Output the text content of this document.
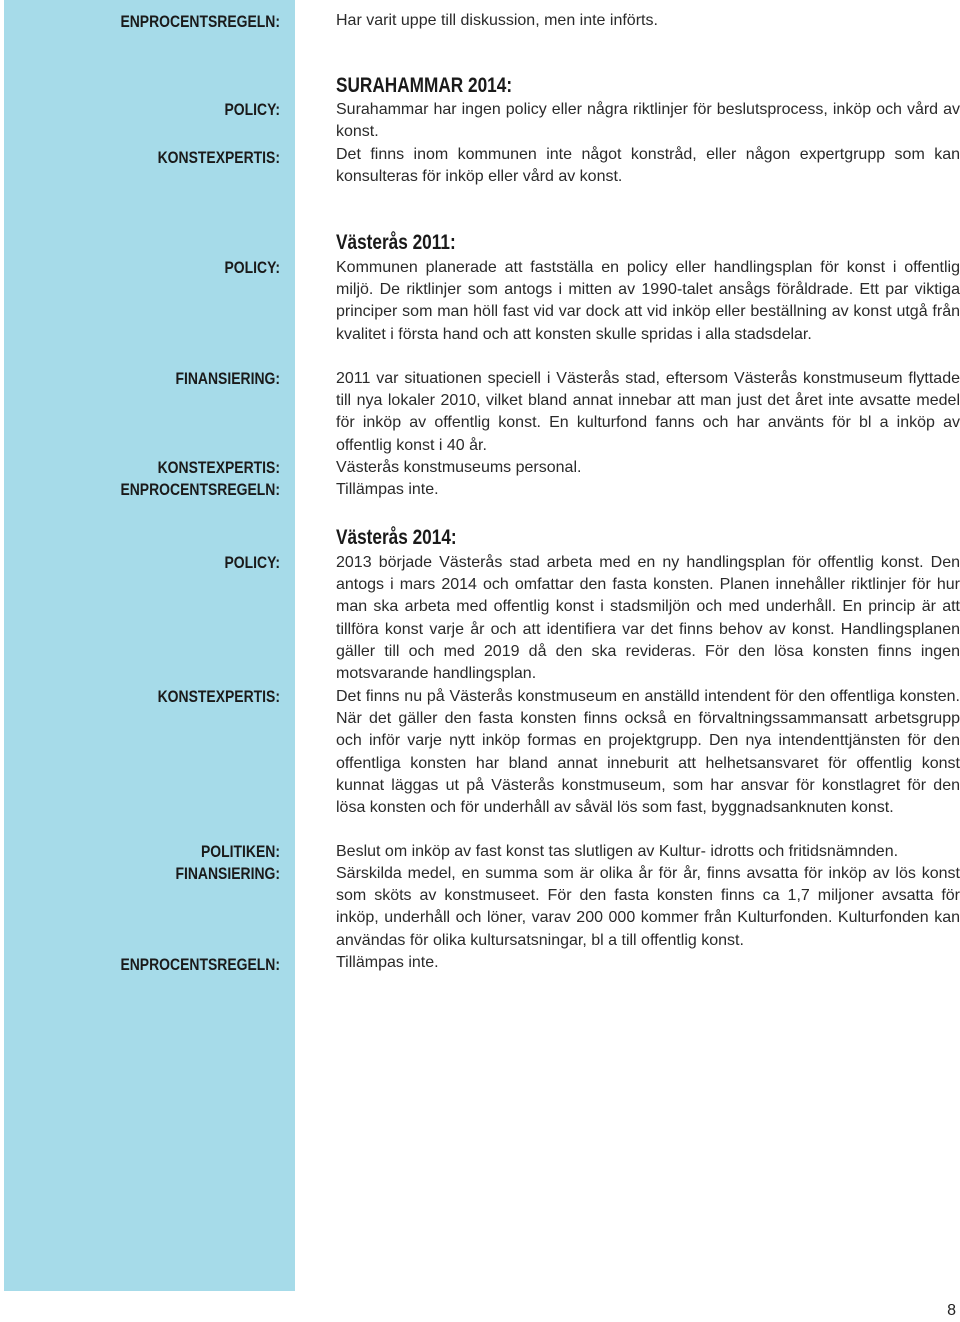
ENPROCENTSREGELN:
POLICY:
KONSTEXPERTIS:
POLICY:
FINANSIERING:
KONSTEXPERTIS:
ENPROCENTSREGELN:
POLICY:
KONSTEXPERTIS:
POLITIKEN:
FINANSIERING:
ENPROCENTSREGELN:
Har varit uppe till diskussion, men inte införts.
SURAHAMMAR 2014:
Surahammar har ingen policy eller några riktlinjer för beslutsprocess, inköp och vård av konst.
Det finns inom kommunen inte något konstråd, eller någon expertgrupp som kan konsulteras för inköp eller vård av konst.
Västerås 2011:
Kommunen planerade att fastställa en policy eller handlingsplan för konst i offentlig miljö. De riktlinjer som antogs i mitten av 1990-talet ansågs föråldrade. Ett par viktiga principer som man höll fast vid var dock att vid inköp eller beställning av konst utgå från kvalitet i första hand och att konsten skulle spridas i alla stadsdelar.
2011 var situationen speciell i Västerås stad, eftersom Västerås konstmuseum flyttade till nya lokaler 2010, vilket bland annat innebar att man just det året inte avsatte medel för inköp av offentlig konst. En kulturfond fanns och har använts för bl a inköp av offentlig konst i 40 år.
Västerås konstmuseums personal.
Tillämpas inte.
Västerås 2014:
2013 började Västerås stad arbeta med en ny handlingsplan för offentlig konst. Den antogs i mars 2014 och omfattar den fasta konsten. Planen innehåller riktlinjer för hur man ska arbeta med offentlig konst i stadsmiljön och med underhåll. En princip är att tillföra konst varje år och att identifiera var det finns behov av konst. Handlingsplanen gäller till och med 2019 då den ska revideras. För den lösa konsten finns ingen motsvarande handlingsplan.
Det finns nu på Västerås konstmuseum en anställd intendent för den offentliga konsten. När det gäller den fasta konsten finns också en förvaltningssammansatt arbetsgrupp och inför varje nytt inköp formas en projektgrupp. Den nya intendenttjänsten för den offentliga konsten har bland annat inneburit att helhetsansvaret för offentlig konst kunnat läggas ut på Västerås konstmuseum, som har ansvar för konstlagret för den lösa konsten och för underhåll av såväl lös som fast, byggnadsanknuten konst.
Beslut om inköp av fast konst tas slutligen av Kultur- idrotts och fritidsnämnden.
Särskilda medel, en summa som är olika år för år, finns avsatta för inköp av lös konst som sköts av konstmuseet. För den fasta konsten finns ca 1,7 miljoner avsatta för inköp, underhåll och löner, varav 200 000 kommer från Kulturfonden. Kulturfonden kan användas för olika kultursatsningar, bl a till offentlig konst.
Tillämpas inte.
8
